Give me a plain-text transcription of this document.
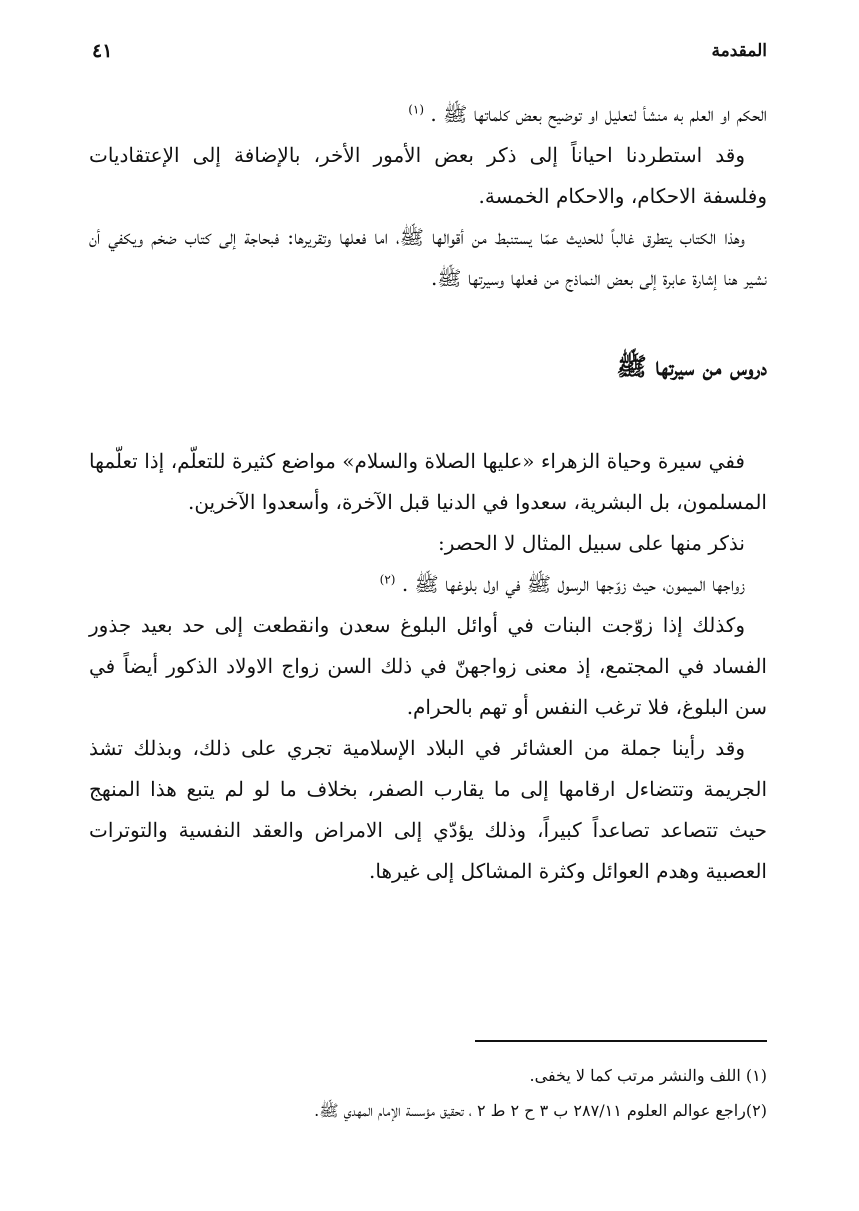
المقدمة
٤١

الحكم او العلم به منشأ لتعليل او توضيح بعض كلماتها ﷺ . $^{(١)}$

وقد استطردنا احياناً إلى ذكر بعض الأمور الأخر، بالإضافة إلى الإعتقاديات وفلسفة الاحكام، والاحكام الخمسة.

وهذا الكتاب يتطرق غالباً للحديث عمّا يستنبط من أقوالها ﷺ، اما فعلها وتقريرها: فبحاجة إلى كتاب ضخم ويكفي أن نشير هنا إشارة عابرة إلى بعض النماذج من فعلها وسيرتها ﷺ.

دروس من سيرتها ﷺ

ففي سيرة وحياة الزهراء «عليها الصلاة والسلام» مواضع كثيرة للتعلّم، إذا تعلّمها المسلمون، بل البشرية، سعدوا في الدنيا قبل الآخرة، وأسعدوا الآخرين.

نذكر منها على سبيل المثال لا الحصر:

زواجها الميمون، حيث زوّجها الرسول ﷺ في اول بلوغها ﷺ . $^{(٢)}$

وكذلك إذا زوّجت البنات في أوائل البلوغ سعدن وانقطعت إلى حد بعيد جذور الفساد في المجتمع، إذ معنى زواجهنّ في ذلك السن زواج الاولاد الذكور أيضاً في سن البلوغ، فلا ترغب النفس أو تهم بالحرام.

وقد رأينا جملة من العشائر في البلاد الإسلامية تجري على ذلك، وبذلك تشذ الجريمة وتتضاءل ارقامها إلى ما يقارب الصفر، بخلاف ما لو لم يتبع هذا المنهج حيث تتصاعد تصاعداً كبيراً، وذلك يؤدّي إلى الامراض والعقد النفسية والتوترات العصبية وهدم العوائل وكثرة المشاكل إلى غيرها.

(١) اللف والنشر مرتب كما لا يخفى.

(٢)راجع عوالم العلوم ٢٨٧/١١ ب ٣ ح ٢ ط ٢ ، تحقيق مؤسسة الإمام المهدي ﷺ.
